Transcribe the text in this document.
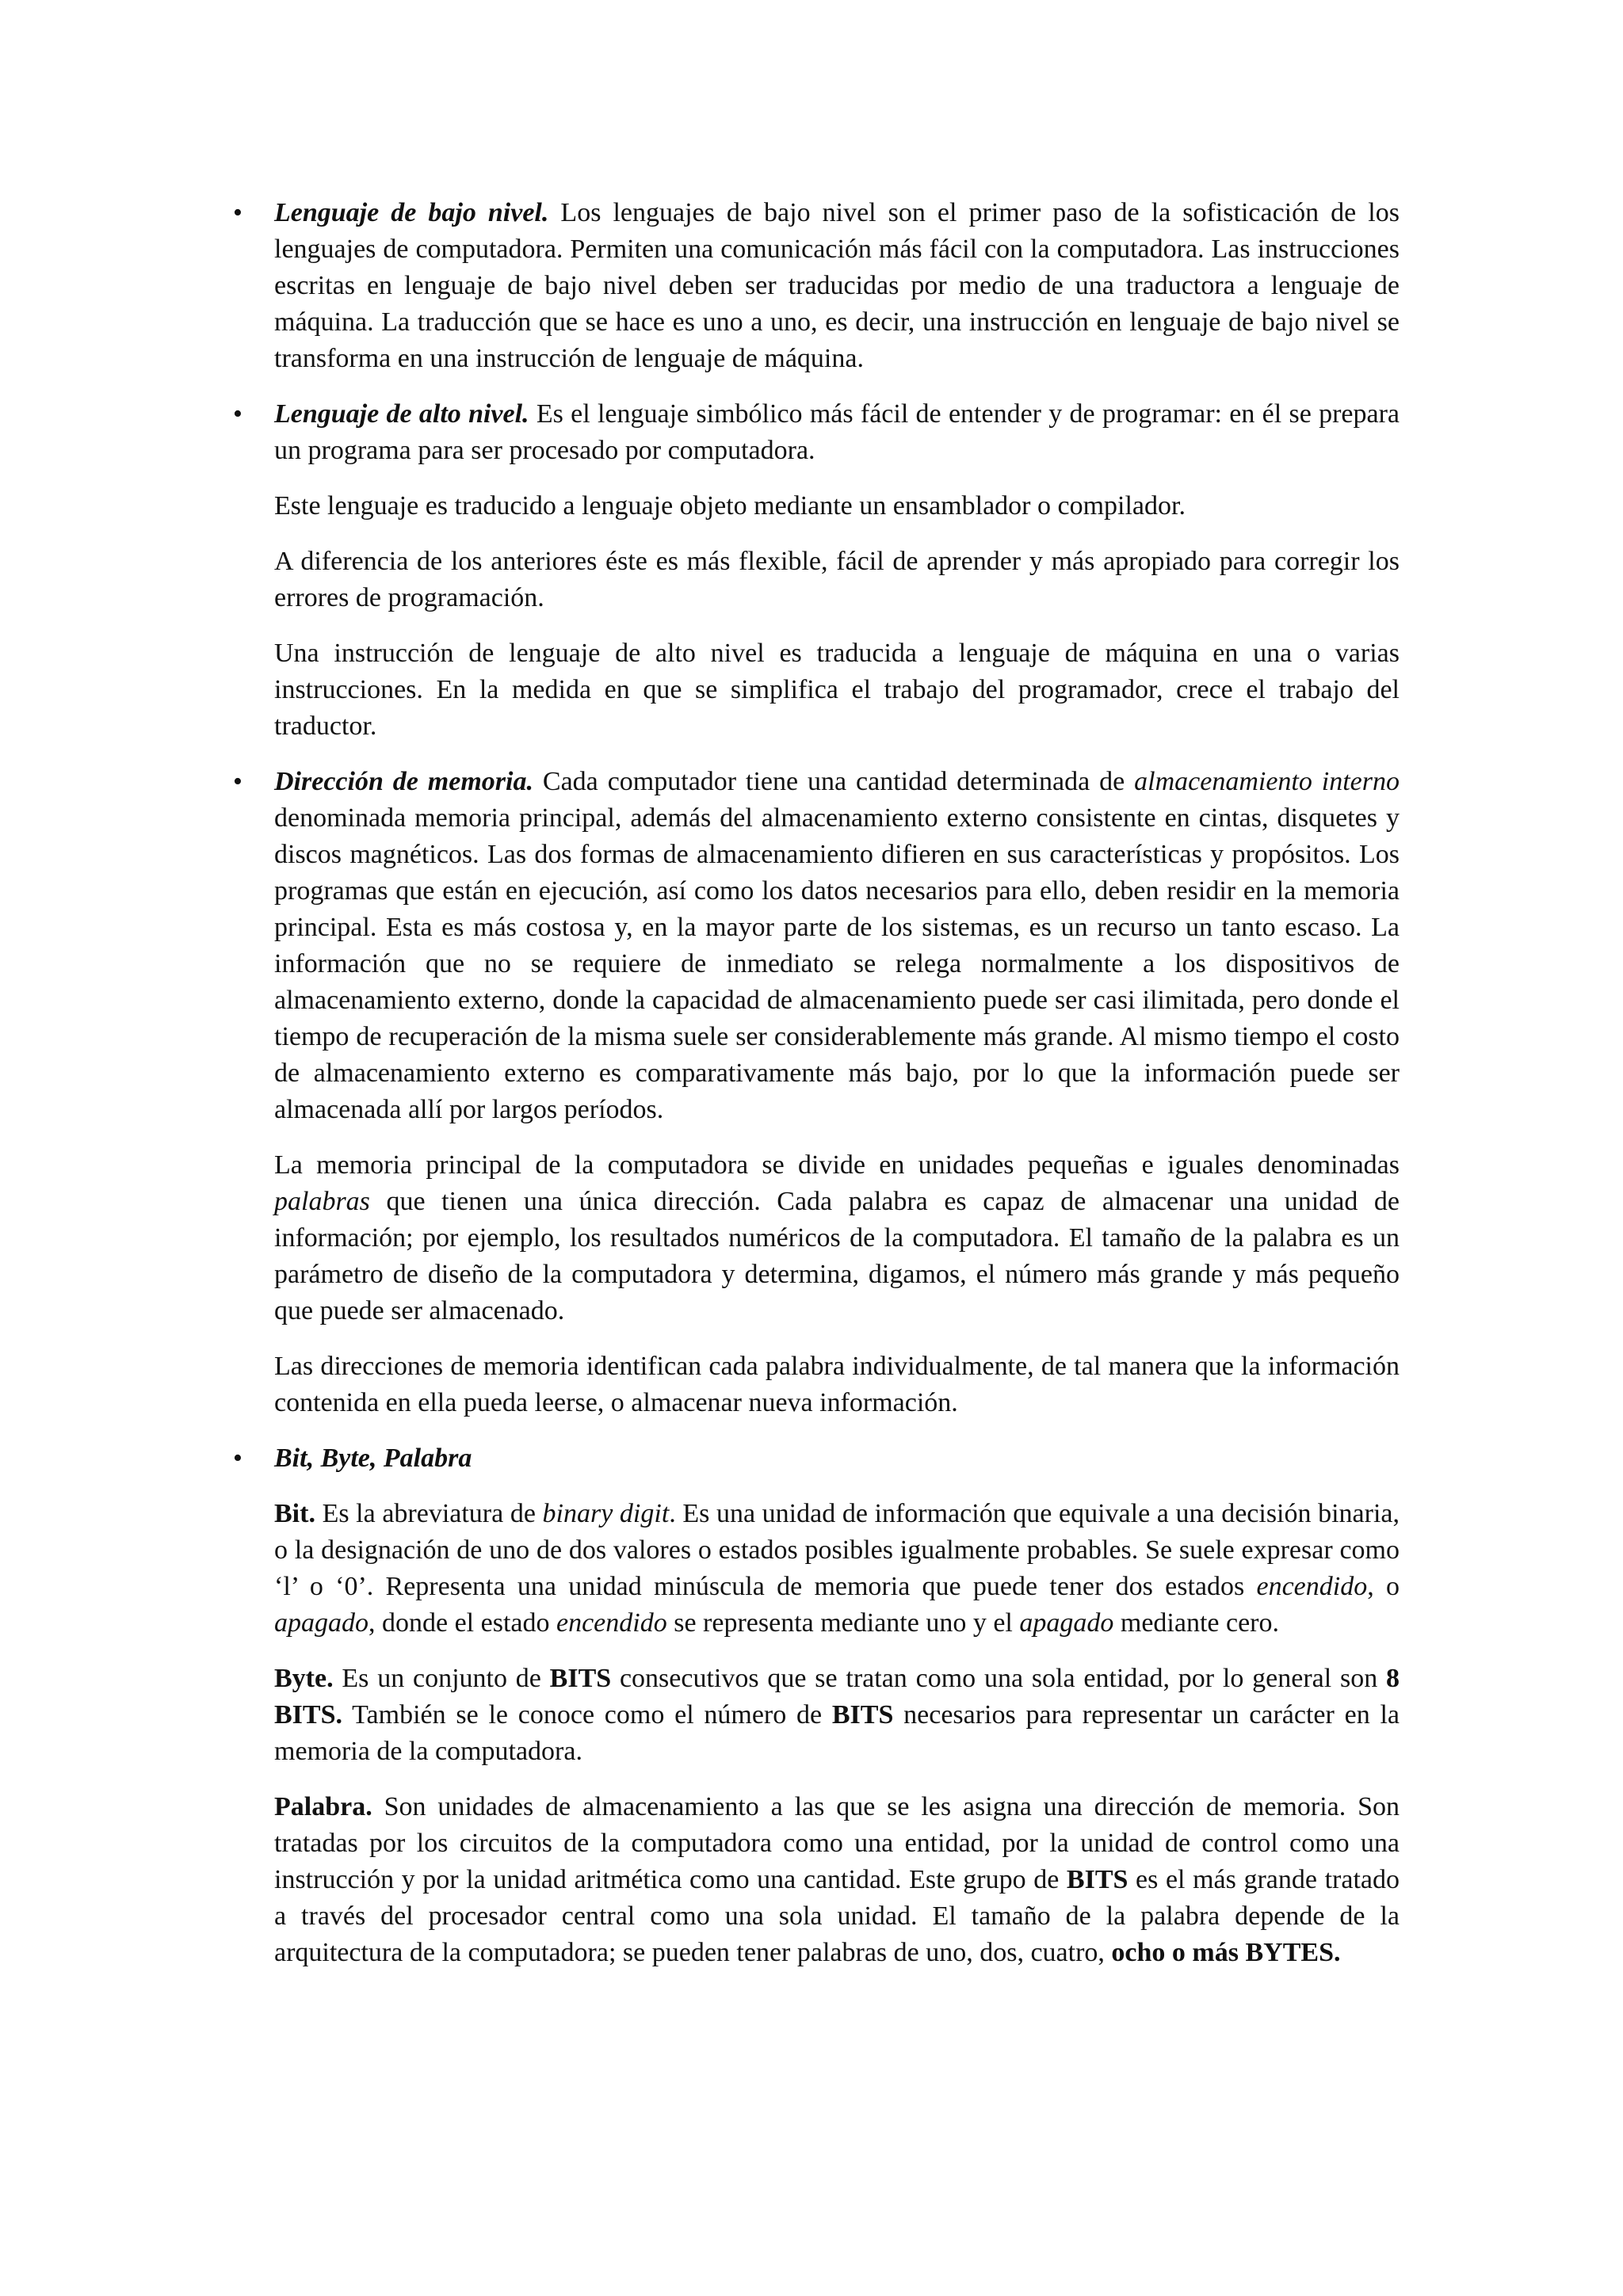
• Lenguaje de bajo nivel. Los lenguajes de bajo nivel son el primer paso de la sofisticación de los lenguajes de computadora. Permiten una comunicación más fácil con la computadora. Las instrucciones escritas en lenguaje de bajo nivel deben ser traducidas por medio de una traductora a lenguaje de máquina. La traducción que se hace es uno a uno, es decir, una instrucción en lenguaje de bajo nivel se transforma en una instrucción de lenguaje de máquina.

• Lenguaje de alto nivel. Es el lenguaje simbólico más fácil de entender y de programar: en él se prepara un programa para ser procesado por computadora.

Este lenguaje es traducido a lenguaje objeto mediante un ensamblador o compilador.

A diferencia de los anteriores éste es más flexible, fácil de aprender y más apropiado para corregir los errores de programación.

Una instrucción de lenguaje de alto nivel es traducida a lenguaje de máquina en una o varias instrucciones. En la medida en que se simplifica el trabajo del programador, crece el trabajo del traductor.

• Dirección de memoria. Cada computador tiene una cantidad determinada de almacenamiento interno denominada memoria principal, además del almacenamiento externo consistente en cintas, disquetes y discos magnéticos. Las dos formas de almacenamiento difieren en sus características y propósitos. Los programas que están en ejecución, así como los datos necesarios para ello, deben residir en la memoria principal. Esta es más costosa y, en la mayor parte de los sistemas, es un recurso un tanto escaso. La información que no se requiere de inmediato se relega normalmente a los dispositivos de almacenamiento externo, donde la capacidad de almacenamiento puede ser casi ilimitada, pero donde el tiempo de recuperación de la misma suele ser considerablemente más grande. Al mismo tiempo el costo de almacenamiento externo es comparativamente más bajo, por lo que la información puede ser almacenada allí por largos períodos.

La memoria principal de la computadora se divide en unidades pequeñas e iguales denominadas palabras que tienen una única dirección. Cada palabra es capaz de almacenar una unidad de información; por ejemplo, los resultados numéricos de la computadora. El tamaño de la palabra es un parámetro de diseño de la computadora y determina, digamos, el número más grande y más pequeño que puede ser almacenado.

Las direcciones de memoria identifican cada palabra individualmente, de tal manera que la información contenida en ella pueda leerse, o almacenar nueva información.

• Bit, Byte, Palabra

Bit. Es la abreviatura de binary digit. Es una unidad de información que equivale a una decisión binaria, o la designación de uno de dos valores o estados posibles igualmente probables. Se suele expresar como ‘l’ o ‘0’. Representa una unidad minúscula de memoria que puede tener dos estados encendido, o apagado, donde el estado encendido se representa mediante uno y el apagado mediante cero.

Byte. Es un conjunto de BITS consecutivos que se tratan como una sola entidad, por lo general son 8 BITS. También se le conoce como el número de BITS necesarios para representar un carácter en la memoria de la computadora.

Palabra. Son unidades de almacenamiento a las que se les asigna una dirección de memoria. Son tratadas por los circuitos de la computadora como una entidad, por la unidad de control como una instrucción y por la unidad aritmética como una cantidad. Este grupo de BITS es el más grande tratado a través del procesador central como una sola unidad. El tamaño de la palabra depende de la arquitectura de la computadora; se pueden tener palabras de uno, dos, cuatro, ocho o más BYTES.
